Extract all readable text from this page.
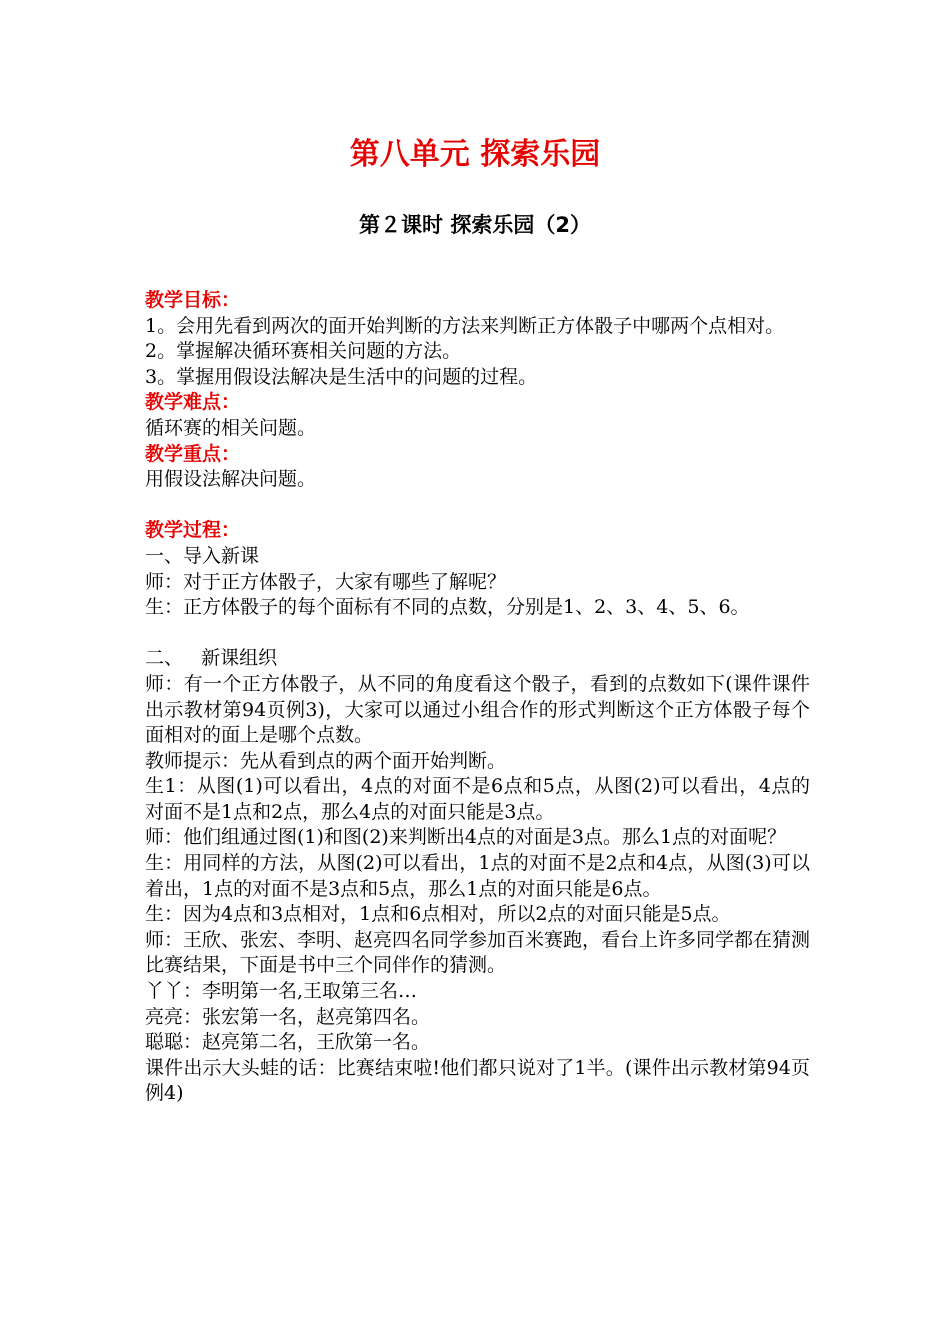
第八单元 探索乐园
第２课时 探索乐园（2）

教学目标：

1。会用先看到两次的面开始判断的方法来判断正方体骰子中哪两个点相对。

2。掌握解决循环赛相关问题的方法。

3。掌握用假设法解决是生活中的问题的过程。

教学难点：

循环赛的相关问题。

教学重点：

用假设法解决问题。

教学过程：

一、导入新课

师：对于正方体骰子，大家有哪些了解呢？

生：正方体骰子的每个面标有不同的点数，分别是1、2、3、4、5、6。

二、   新课组织

师：有一个正方体骰子，从不同的角度看这个骰子，看到的点数如下(课件课件出示教材第94页例3)，大家可以通过小组合作的形式判断这个正方体骰子每个面相对的面上是哪个点数。

教师提示：先从看到点的两个面开始判断。

生1：从图(1)可以看出，4点的对面不是6点和5点，从图(2)可以看出，4点的对面不是1点和2点，那么4点的对面只能是3点。

师：他们组通过图(1)和图(2)来判断出4点的对面是3点。那么1点的对面呢？

生：用同样的方法，从图(2)可以看出，1点的对面不是2点和4点，从图(3)可以着出，1点的对面不是3点和5点，那么1点的对面只能是6点。

生：因为4点和3点相对，1点和6点相对，所以2点的对面只能是5点。

师：王欣、张宏、李明、赵亮四名同学参加百米赛跑，看台上许多同学都在猜测比赛结果，下面是书中三个同伴作的猜测。

丫丫：李明第一名,王取第三名…

亮亮：张宏第一名，赵亮第四名。

聪聪：赵亮第二名，王欣第一名。

课件出示大头蛙的话：比赛结束啦!他们都只说对了1半。(课件出示教材第94页例4)
